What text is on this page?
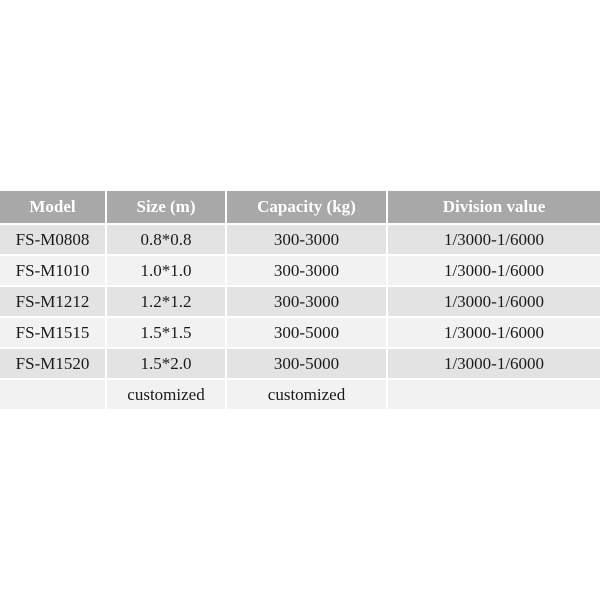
Model	Size (m)	Capacity (kg)	Division value
FS-M0808	0.8*0.8	300-3000	1/3000-1/6000
FS-M1010	1.0*1.0	300-3000	1/3000-1/6000
FS-M1212	1.2*1.2	300-3000	1/3000-1/6000
FS-M1515	1.5*1.5	300-5000	1/3000-1/6000
FS-M1520	1.5*2.0	300-5000	1/3000-1/6000
	customized	customized	
